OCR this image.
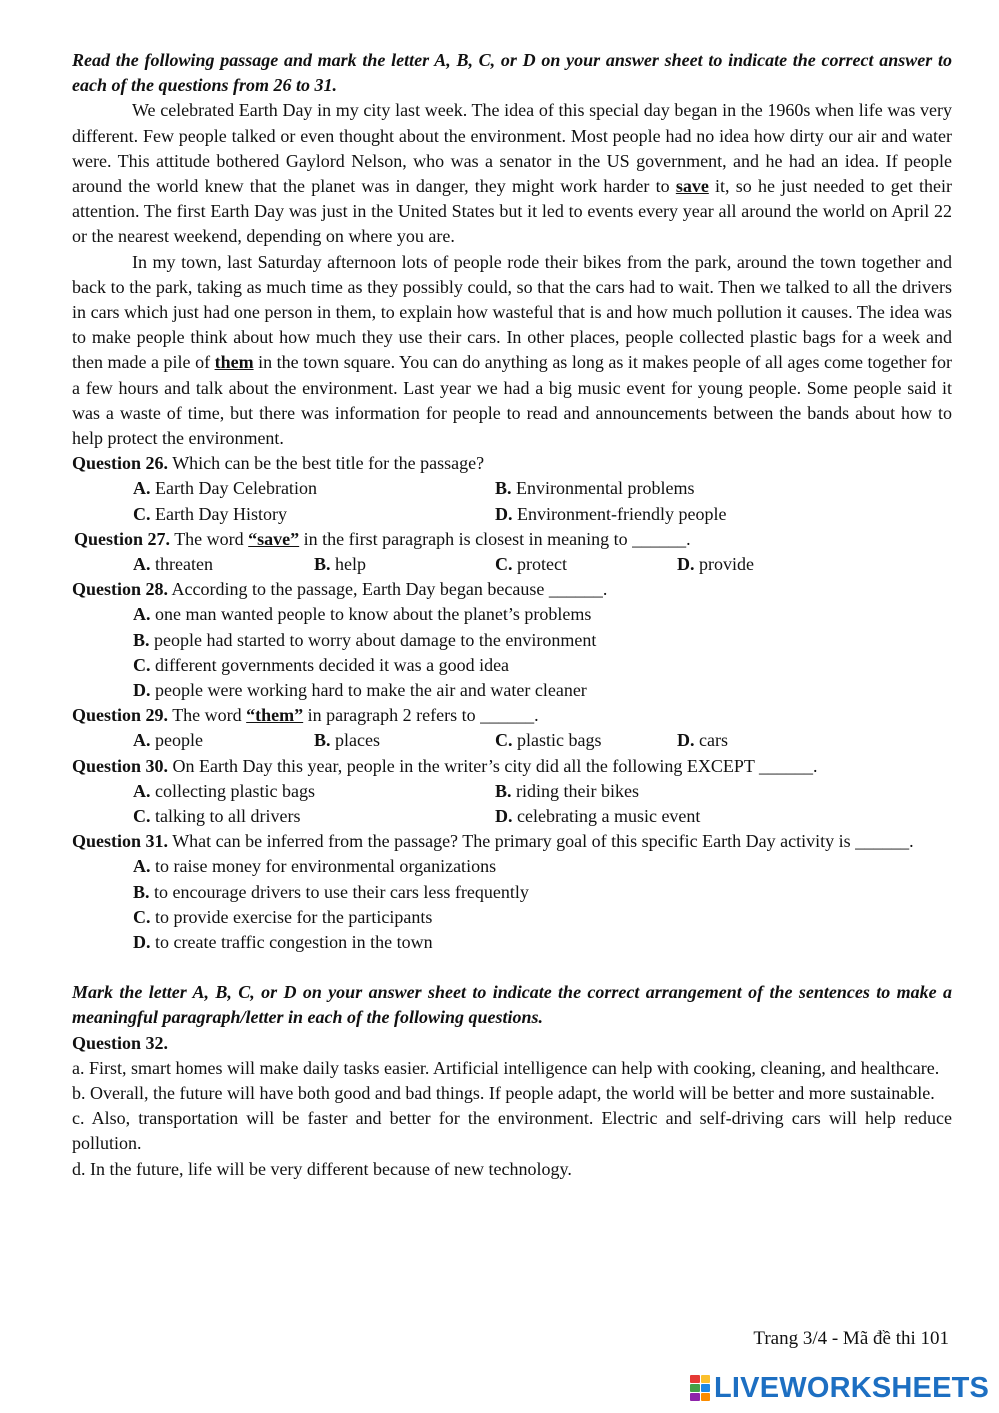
Read the following passage and mark the letter A, B, C, or D on your answer sheet to indicate the correct answer to each of the questions from 26 to 31.
We celebrated Earth Day in my city last week. The idea of this special day began in the 1960s when life was very different. Few people talked or even thought about the environment. Most people had no idea how dirty our air and water were. This attitude bothered Gaylord Nelson, who was a senator in the US government, and he had an idea. If people around the world knew that the planet was in danger, they might work harder to save it, so he just needed to get their attention. The first Earth Day was just in the United States but it led to events every year all around the world on April 22 or the nearest weekend, depending on where you are.
In my town, last Saturday afternoon lots of people rode their bikes from the park, around the town together and back to the park, taking as much time as they possibly could, so that the cars had to wait. Then we talked to all the drivers in cars which just had one person in them, to explain how wasteful that is and how much pollution it causes. The idea was to make people think about how much they use their cars. In other places, people collected plastic bags for a week and then made a pile of them in the town square. You can do anything as long as it makes people of all ages come together for a few hours and talk about the environment. Last year we had a big music event for young people. Some people said it was a waste of time, but there was information for people to read and announcements between the bands about how to help protect the environment.
Question 26. Which can be the best title for the passage?
A. Earth Day Celebration	B. Environmental problems
C. Earth Day History	D. Environment-friendly people
Question 27. The word “save” in the first paragraph is closest in meaning to ______.
A. threaten	B. help	C. protect	D. provide
Question 28. According to the passage, Earth Day began because ______.
A. one man wanted people to know about the planet’s problems
B. people had started to worry about damage to the environment
C. different governments decided it was a good idea
D. people were working hard to make the air and water cleaner
Question 29. The word “them” in paragraph 2 refers to ______.
A. people	B. places	C. plastic bags	D. cars
Question 30. On Earth Day this year, people in the writer’s city did all the following EXCEPT ______.
A. collecting plastic bags	B. riding their bikes
C. talking to all drivers	D. celebrating a music event
Question 31. What can be inferred from the passage? The primary goal of this specific Earth Day activity is ______.
A. to raise money for environmental organizations
B. to encourage drivers to use their cars less frequently
C. to provide exercise for the participants
D. to create traffic congestion in the town
Mark the letter A, B, C, or D on your answer sheet to indicate the correct arrangement of the sentences to make a meaningful paragraph/letter in each of the following questions.
Question 32.
a. First, smart homes will make daily tasks easier. Artificial intelligence can help with cooking, cleaning, and healthcare.
b. Overall, the future will have both good and bad things. If people adapt, the world will be better and more sustainable.
c. Also, transportation will be faster and better for the environment. Electric and self-driving cars will help reduce pollution.
d. In the future, life will be very different because of new technology.
Trang 3/4 - Mã đề thi 101
LIVEWORKSHEETS
